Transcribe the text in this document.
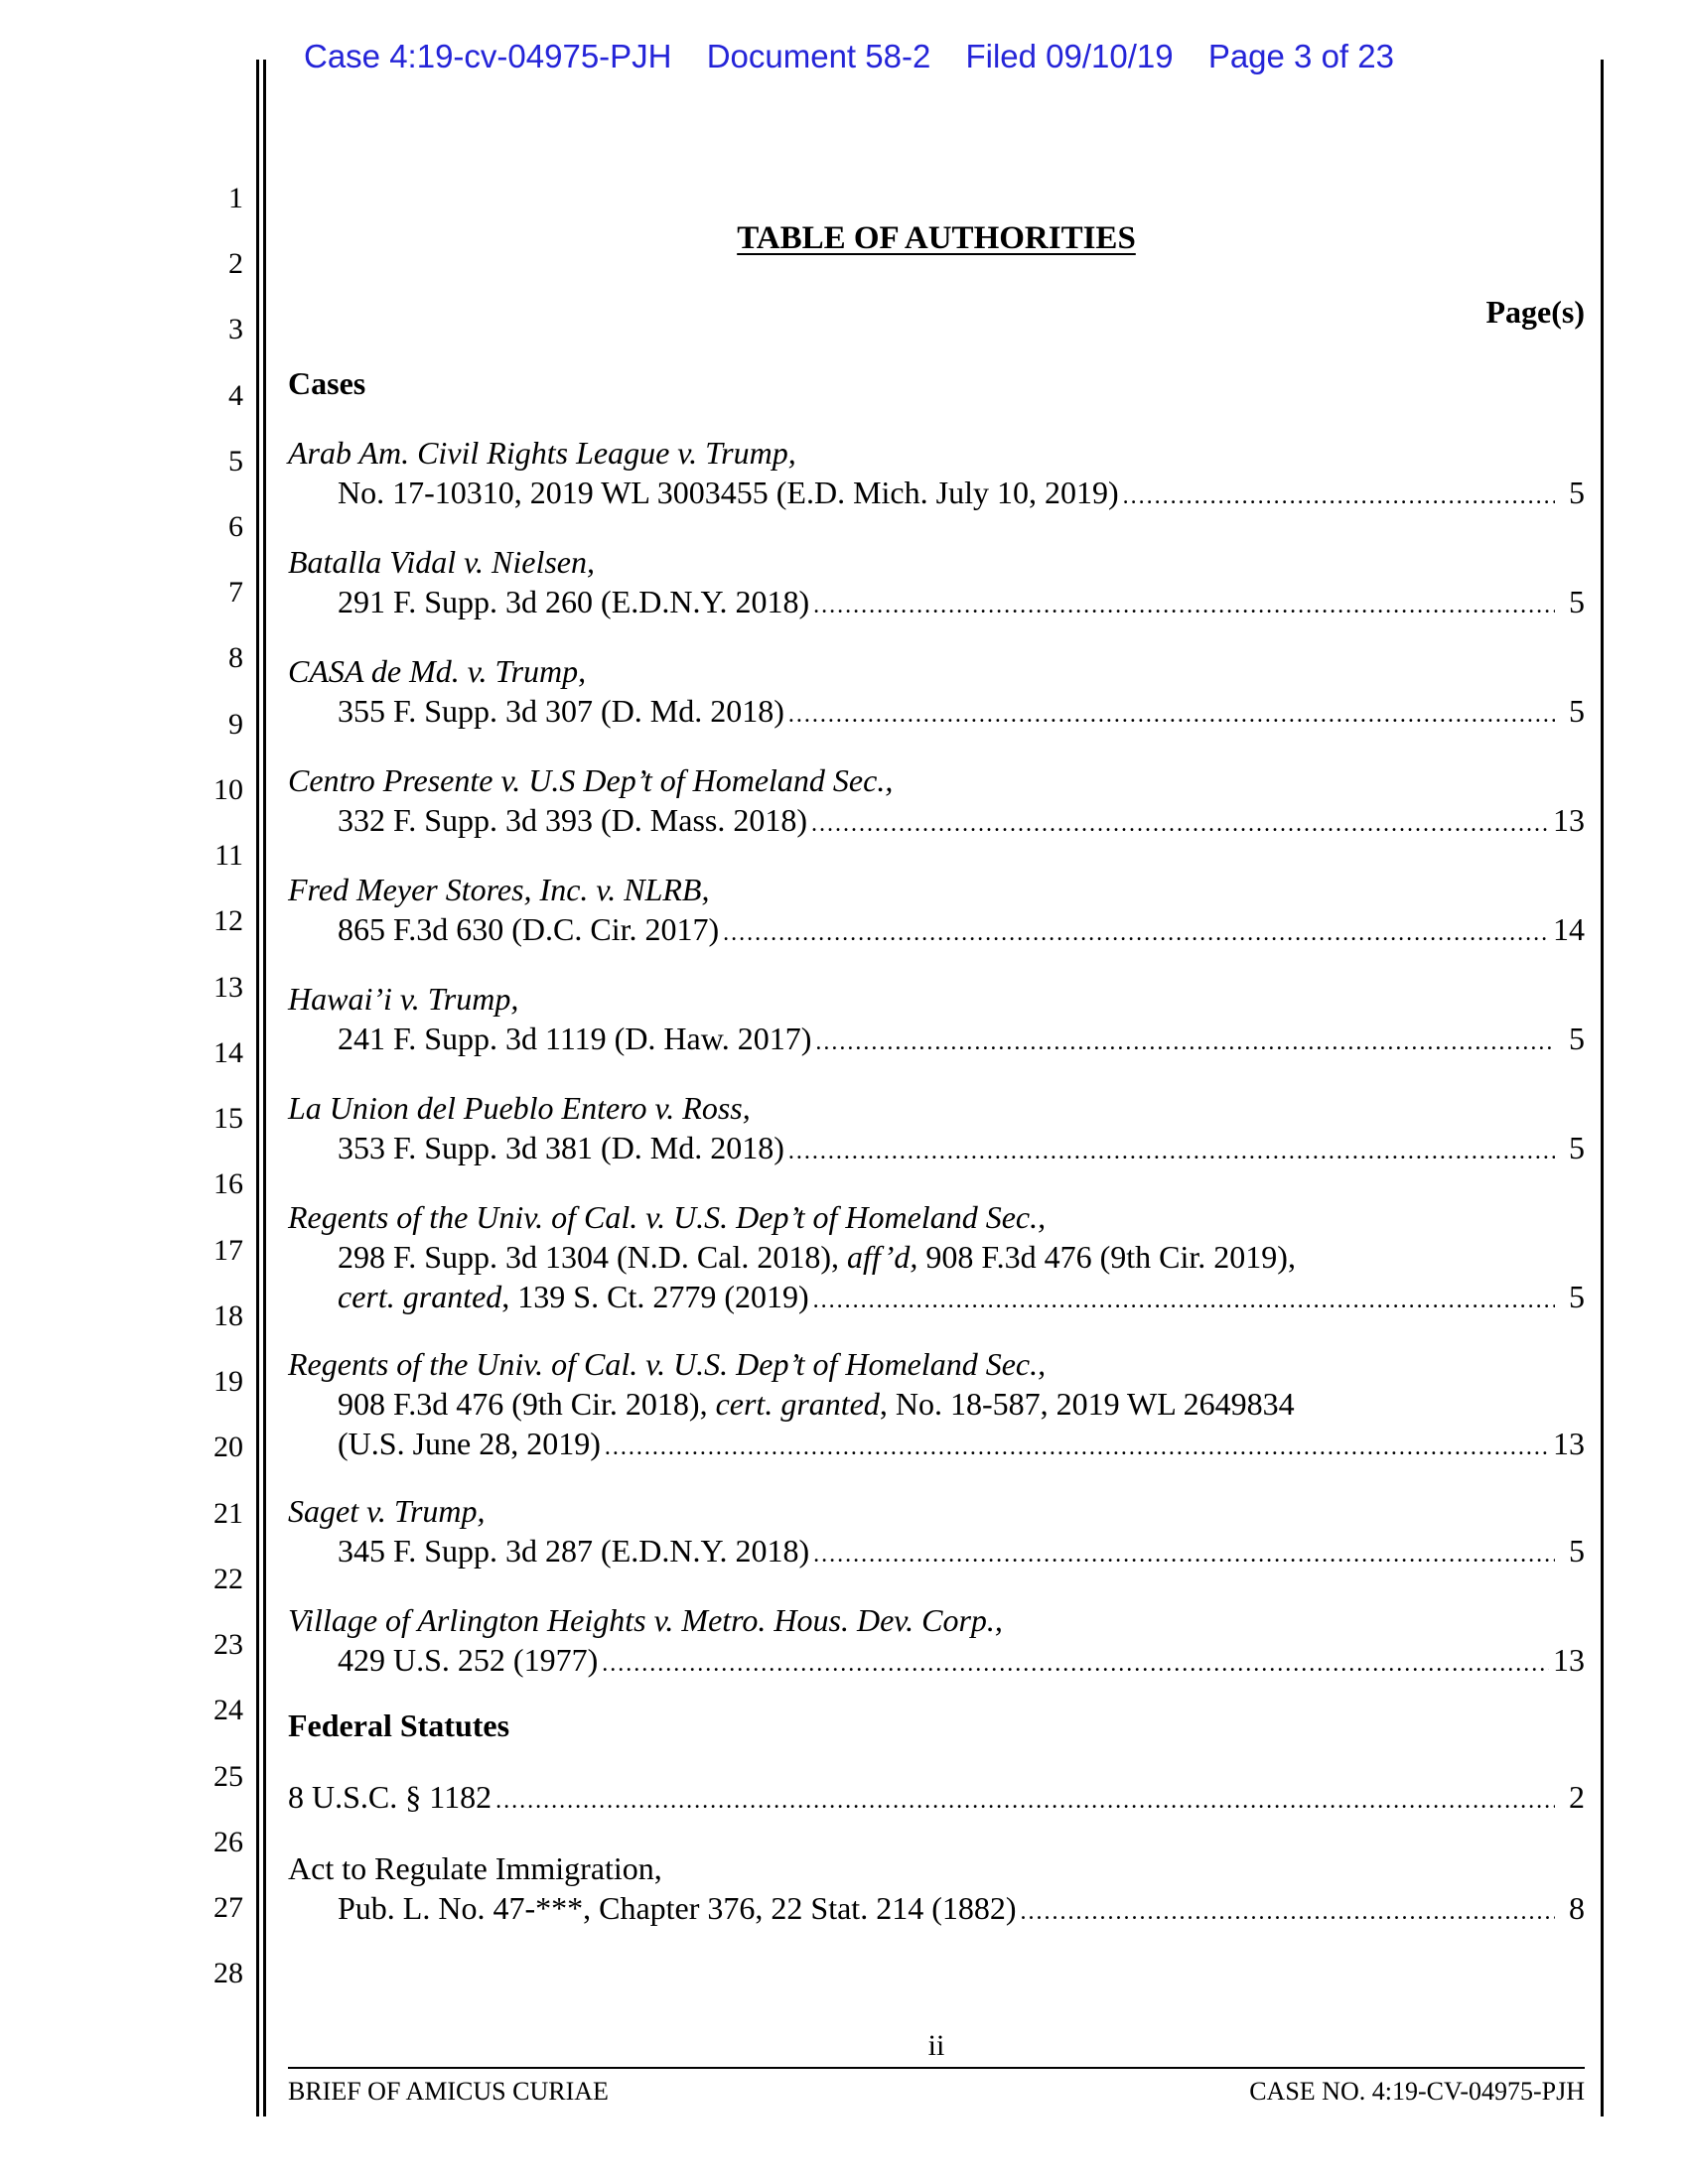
Case 4:19-cv-04975-PJH Document 58-2 Filed 09/10/19 Page 3 of 23
1
2
3
4
5
6
7
8
9
10
11
12
13
14
15
16
17
18
19
20
21
22
23
24
25
26
27
28
TABLE OF AUTHORITIES
Page(s)
Cases
Arab Am. Civil Rights League v. Trump,
No. 17-10310, 2019 WL 3003455 (E.D. Mich. July 10, 2019) .....	5
Batalla Vidal v. Nielsen,
291 F. Supp. 3d 260 (E.D.N.Y. 2018) .....	5
CASA de Md. v. Trump,
355 F. Supp. 3d 307 (D. Md. 2018) .....	5
Centro Presente v. U.S Dep’t of Homeland Sec.,
332 F. Supp. 3d 393 (D. Mass. 2018) .....	13
Fred Meyer Stores, Inc. v. NLRB,
865 F.3d 630 (D.C. Cir. 2017) .....	14
Hawai’i v. Trump,
241 F. Supp. 3d 1119 (D. Haw. 2017) .....	5
La Union del Pueblo Entero v. Ross,
353 F. Supp. 3d 381 (D. Md. 2018) .....	5
Regents of the Univ. of Cal. v. U.S. Dep’t of Homeland Sec.,
298 F. Supp. 3d 1304 (N.D. Cal. 2018), aff’d, 908 F.3d 476 (9th Cir. 2019),
cert. granted, 139 S. Ct. 2779 (2019) .....	5
Regents of the Univ. of Cal. v. U.S. Dep’t of Homeland Sec.,
908 F.3d 476 (9th Cir. 2018), cert. granted, No. 18-587, 2019 WL 2649834
(U.S. June 28, 2019) .....	13
Saget v. Trump,
345 F. Supp. 3d 287 (E.D.N.Y. 2018) .....	5
Village of Arlington Heights v. Metro. Hous. Dev. Corp.,
429 U.S. 252 (1977) .....	13
Federal Statutes
8 U.S.C. § 1182 .....	2
Act to Regulate Immigration,
Pub. L. No. 47-***, Chapter 376, 22 Stat. 214 (1882) .....	8
ii
BRIEF OF AMICUS CURIAE	CASE NO. 4:19-CV-04975-PJH
